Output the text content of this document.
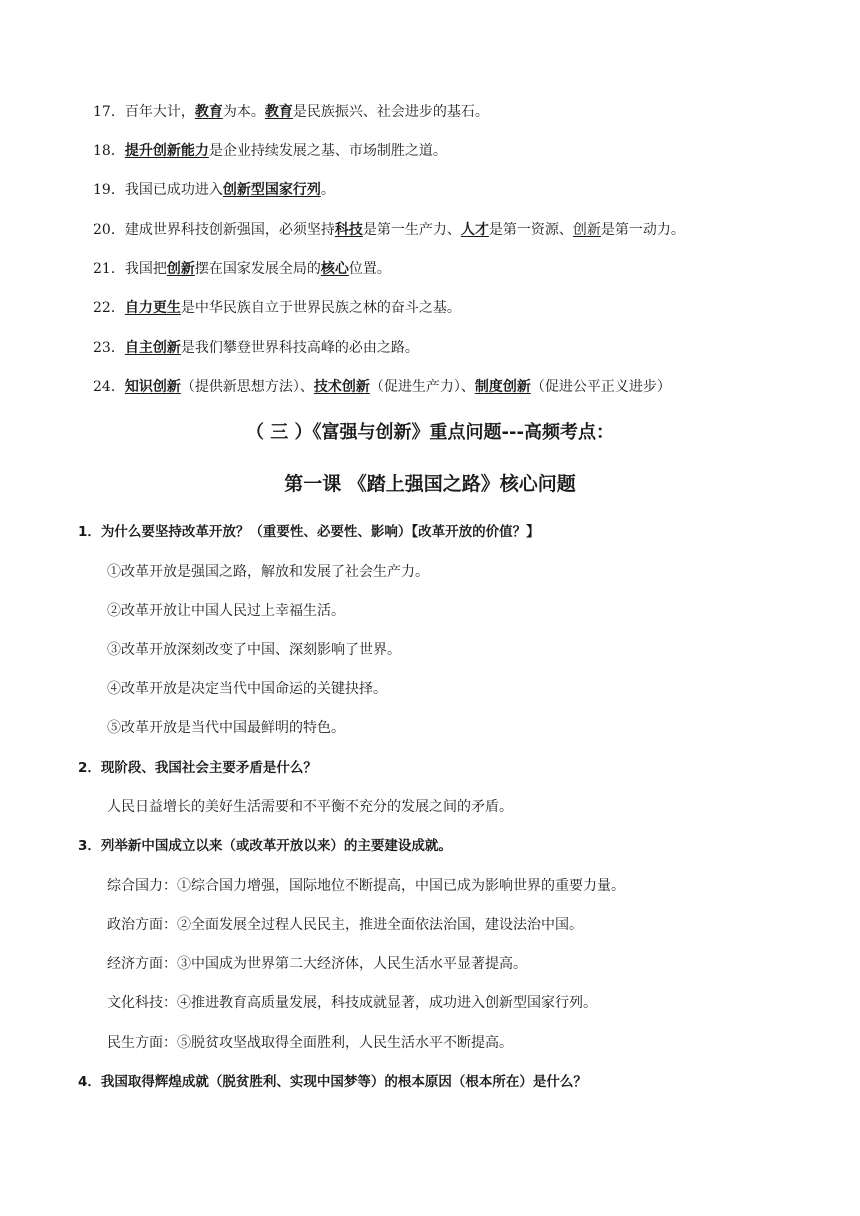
17．百年大计，教育为本。教育是民族振兴、社会进步的基石。
18．提升创新能力是企业持续发展之基、市场制胜之道。
19．我国已成功进入创新型国家行列。
20．建成世界科技创新强国，必须坚持科技是第一生产力、人才是第一资源、创新是第一动力。
21．我国把创新摆在国家发展全局的核心位置。
22．自力更生是中华民族自立于世界民族之林的奋斗之基。
23．自主创新是我们攀登世界科技高峰的必由之路。
24．知识创新（提供新思想方法）、技术创新（促进生产力）、制度创新（促进公平正义进步）
（ 三 ）《富强与创新》重点问题---高频考点：
第一课 《踏上强国之路》核心问题
1．为什么要坚持改革开放？（重要性、必要性、影响）【改革开放的价值？】
①改革开放是强国之路，解放和发展了社会生产力。
②改革开放让中国人民过上幸福生活。
③改革开放深刻改变了中国、深刻影响了世界。
④改革开放是决定当代中国命运的关键抉择。
⑤改革开放是当代中国最鲜明的特色。
2．现阶段、我国社会主要矛盾是什么？
人民日益增长的美好生活需要和不平衡不充分的发展之间的矛盾。
3．列举新中国成立以来（或改革开放以来）的主要建设成就。
综合国力：①综合国力增强，国际地位不断提高，中国已成为影响世界的重要力量。
政治方面：②全面发展全过程人民民主，推进全面依法治国，建设法治中国。
经济方面：③中国成为世界第二大经济体，人民生活水平显著提高。
文化科技：④推进教育高质量发展，科技成就显著，成功进入创新型国家行列。
民生方面：⑤脱贫攻坚战取得全面胜利，人民生活水平不断提高。
4．我国取得辉煌成就（脱贫胜利、实现中国梦等）的根本原因（根本所在）是什么？
